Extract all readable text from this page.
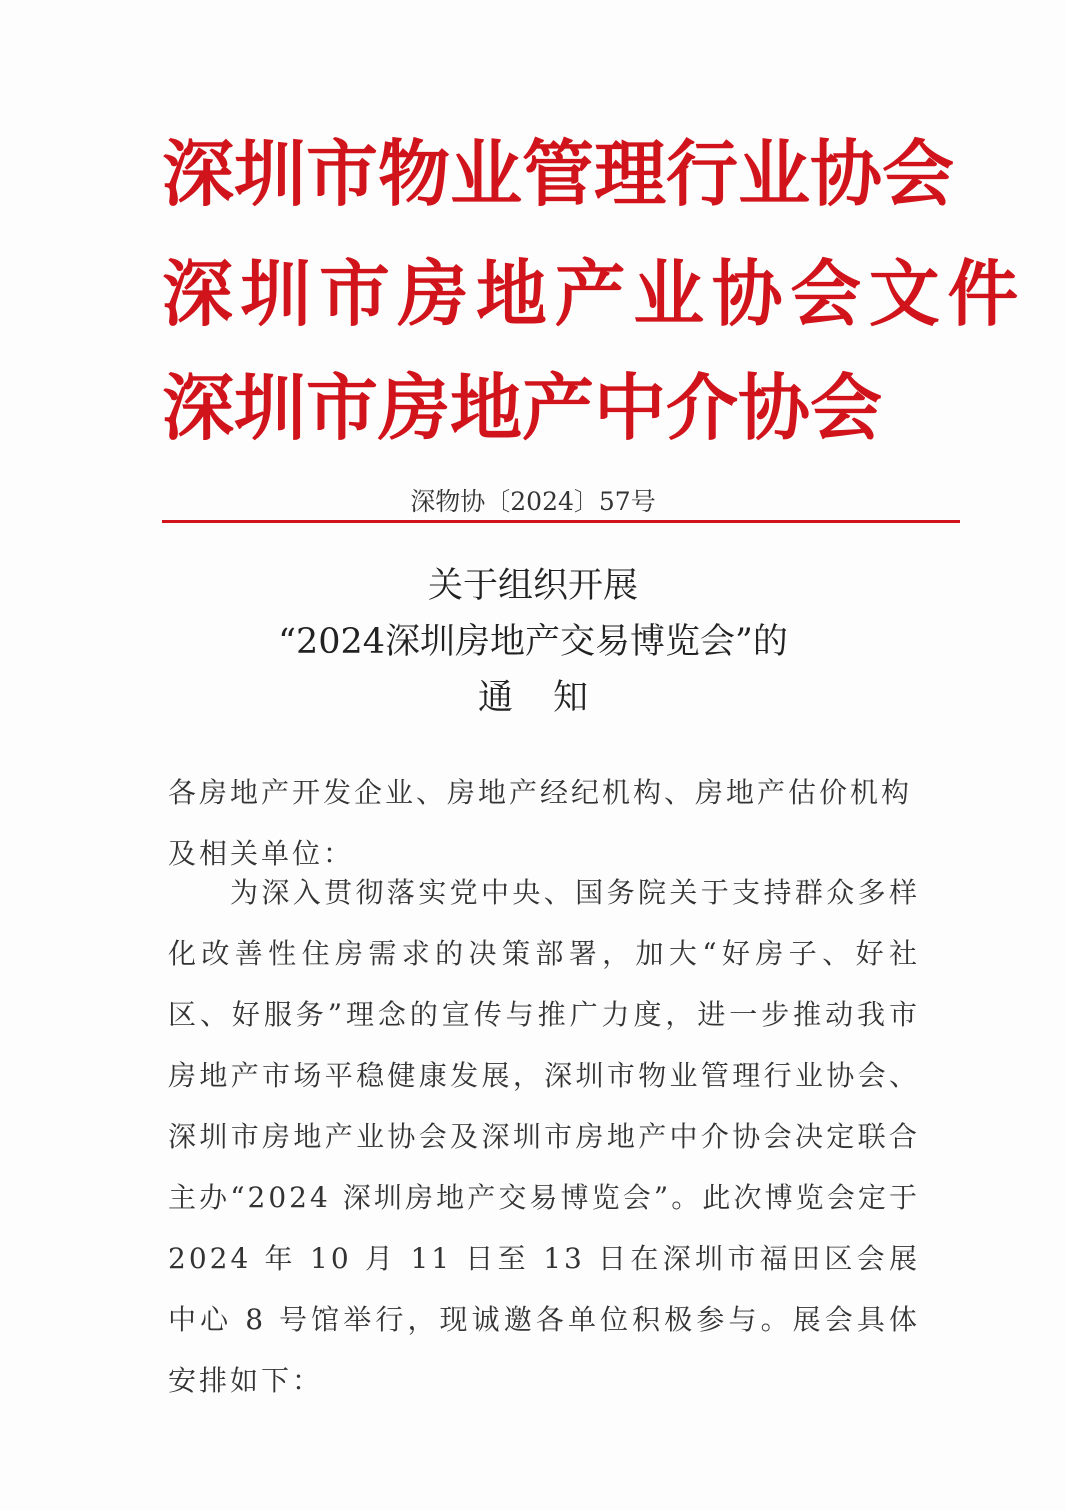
深圳市物业管理行业协会
深圳市房地产业协会文件
深圳市房地产中介协会
深物协〔2024〕57号
关于组织开展
“2024深圳房地产交易博览会”的
通知
各房地产开发企业、房地产经纪机构、房地产估价机构及相关单位：
为深入贯彻落实党中央、国务院关于支持群众多样化改善性住房需求的决策部署，加大“好房子、好社区、好服务”理念的宣传与推广力度，进一步推动我市房地产市场平稳健康发展，深圳市物业管理行业协会、深圳市房地产业协会及深圳市房地产中介协会决定联合主办“2024 深圳房地产交易博览会”。此次博览会定于 2024 年 10 月 11 日至 13 日在深圳市福田区会展中心 8 号馆举行，现诚邀各单位积极参与。展会具体安排如下：
